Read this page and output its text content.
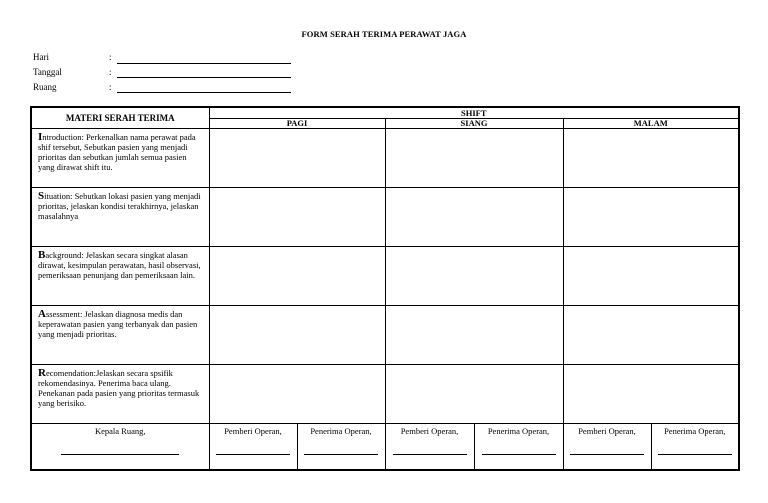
FORM SERAH TERIMA PERAWAT JAGA
Hari	:
Tanggal	:
Ruang	:
MATERI SERAH TERIMA	SHIFT					
	PAGI		SIANG		MALAM	
Introduction: Perkenalkan nama perawat pada shif tersebut, Sebutkan pasien yang menjadi prioritas dan sebutkan jumlah semua pasien yang dirawat shift itu.						
Situation: Sebutkan lokasi pasien yang menjadi prioritas, jelaskan kondisi terakhirnya, jelaskan masalahnya						
Background: Jelaskan secara singkat alasan dirawat, kesimpulan perawatan, hasil observasi, pemeriksaan penunjang dan pemeriksaan lain.						
Assessment: Jelaskan diagnosa medis dan keperawatan pasien yang terbanyak dan pasien yang menjadi prioritas.						
Recomendation:Jelaskan secara spsifik rekomendasinya. Penerima baca ulang. Penekanan pada pasien yang prioritas termasuk yang berisiko.						
Kepala Ruang,	Pemberi Operan,	Penerima Operan,	Pemberi Operan,	Penerima Operan,	Pemberi Operan,	Penerima Operan,
